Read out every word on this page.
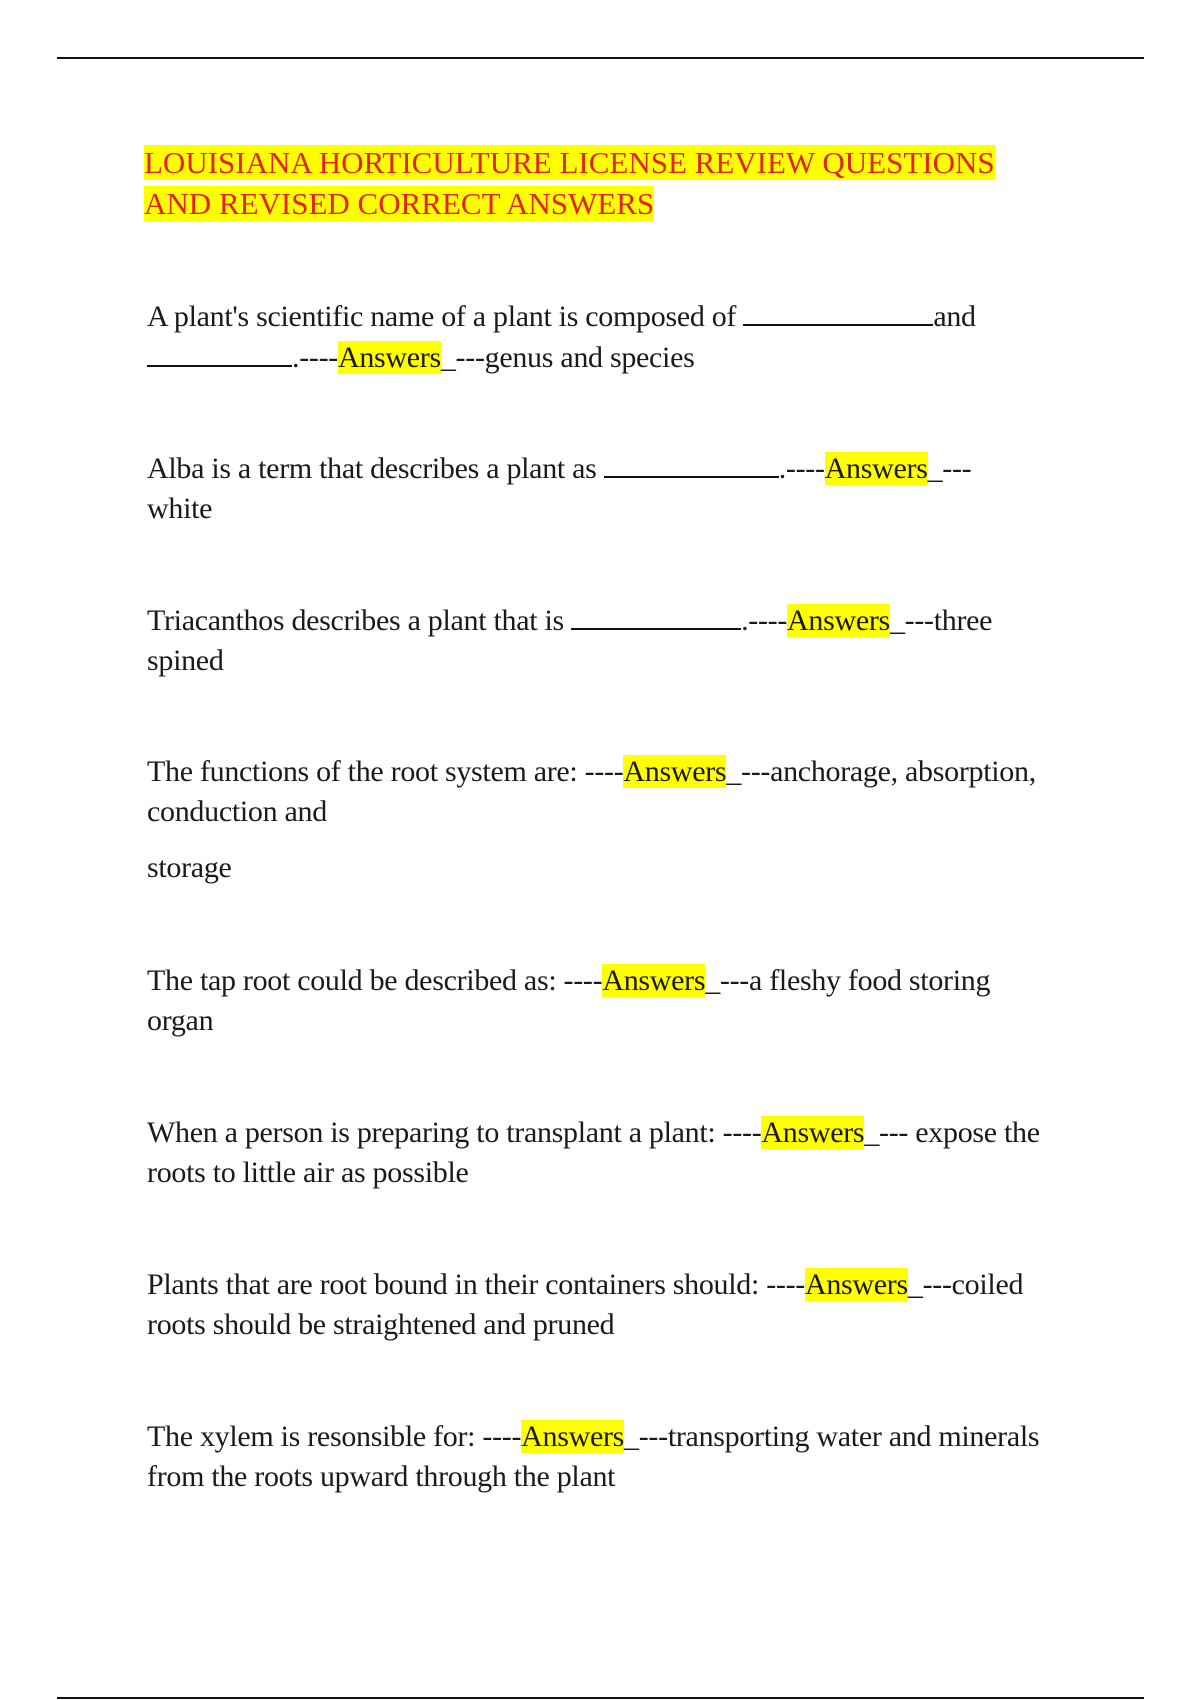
LOUISIANA HORTICULTURE LICENSE REVIEW QUESTIONS
AND REVISED CORRECT ANSWERS

A plant's scientific name of a plant is composed of	and
.----Answers_---genus and species

Alba is a term that describes a plant as	.----Answers_---
white

Triacanthos describes a plant that is	.----Answers_---three spined

The functions of the root system are: ----Answers_---anchorage, absorption, conduction and

storage

The tap root could be described as: ----Answers_---a fleshy food storing organ

When a person is preparing to transplant a plant: ----Answers_--- expose the roots to little air as possible

Plants that are root bound in their containers should: ----Answers_---coiled roots should be straightened and pruned

The xylem is resonsible for: ----Answers_---transporting water and minerals from the roots upward through the plant
